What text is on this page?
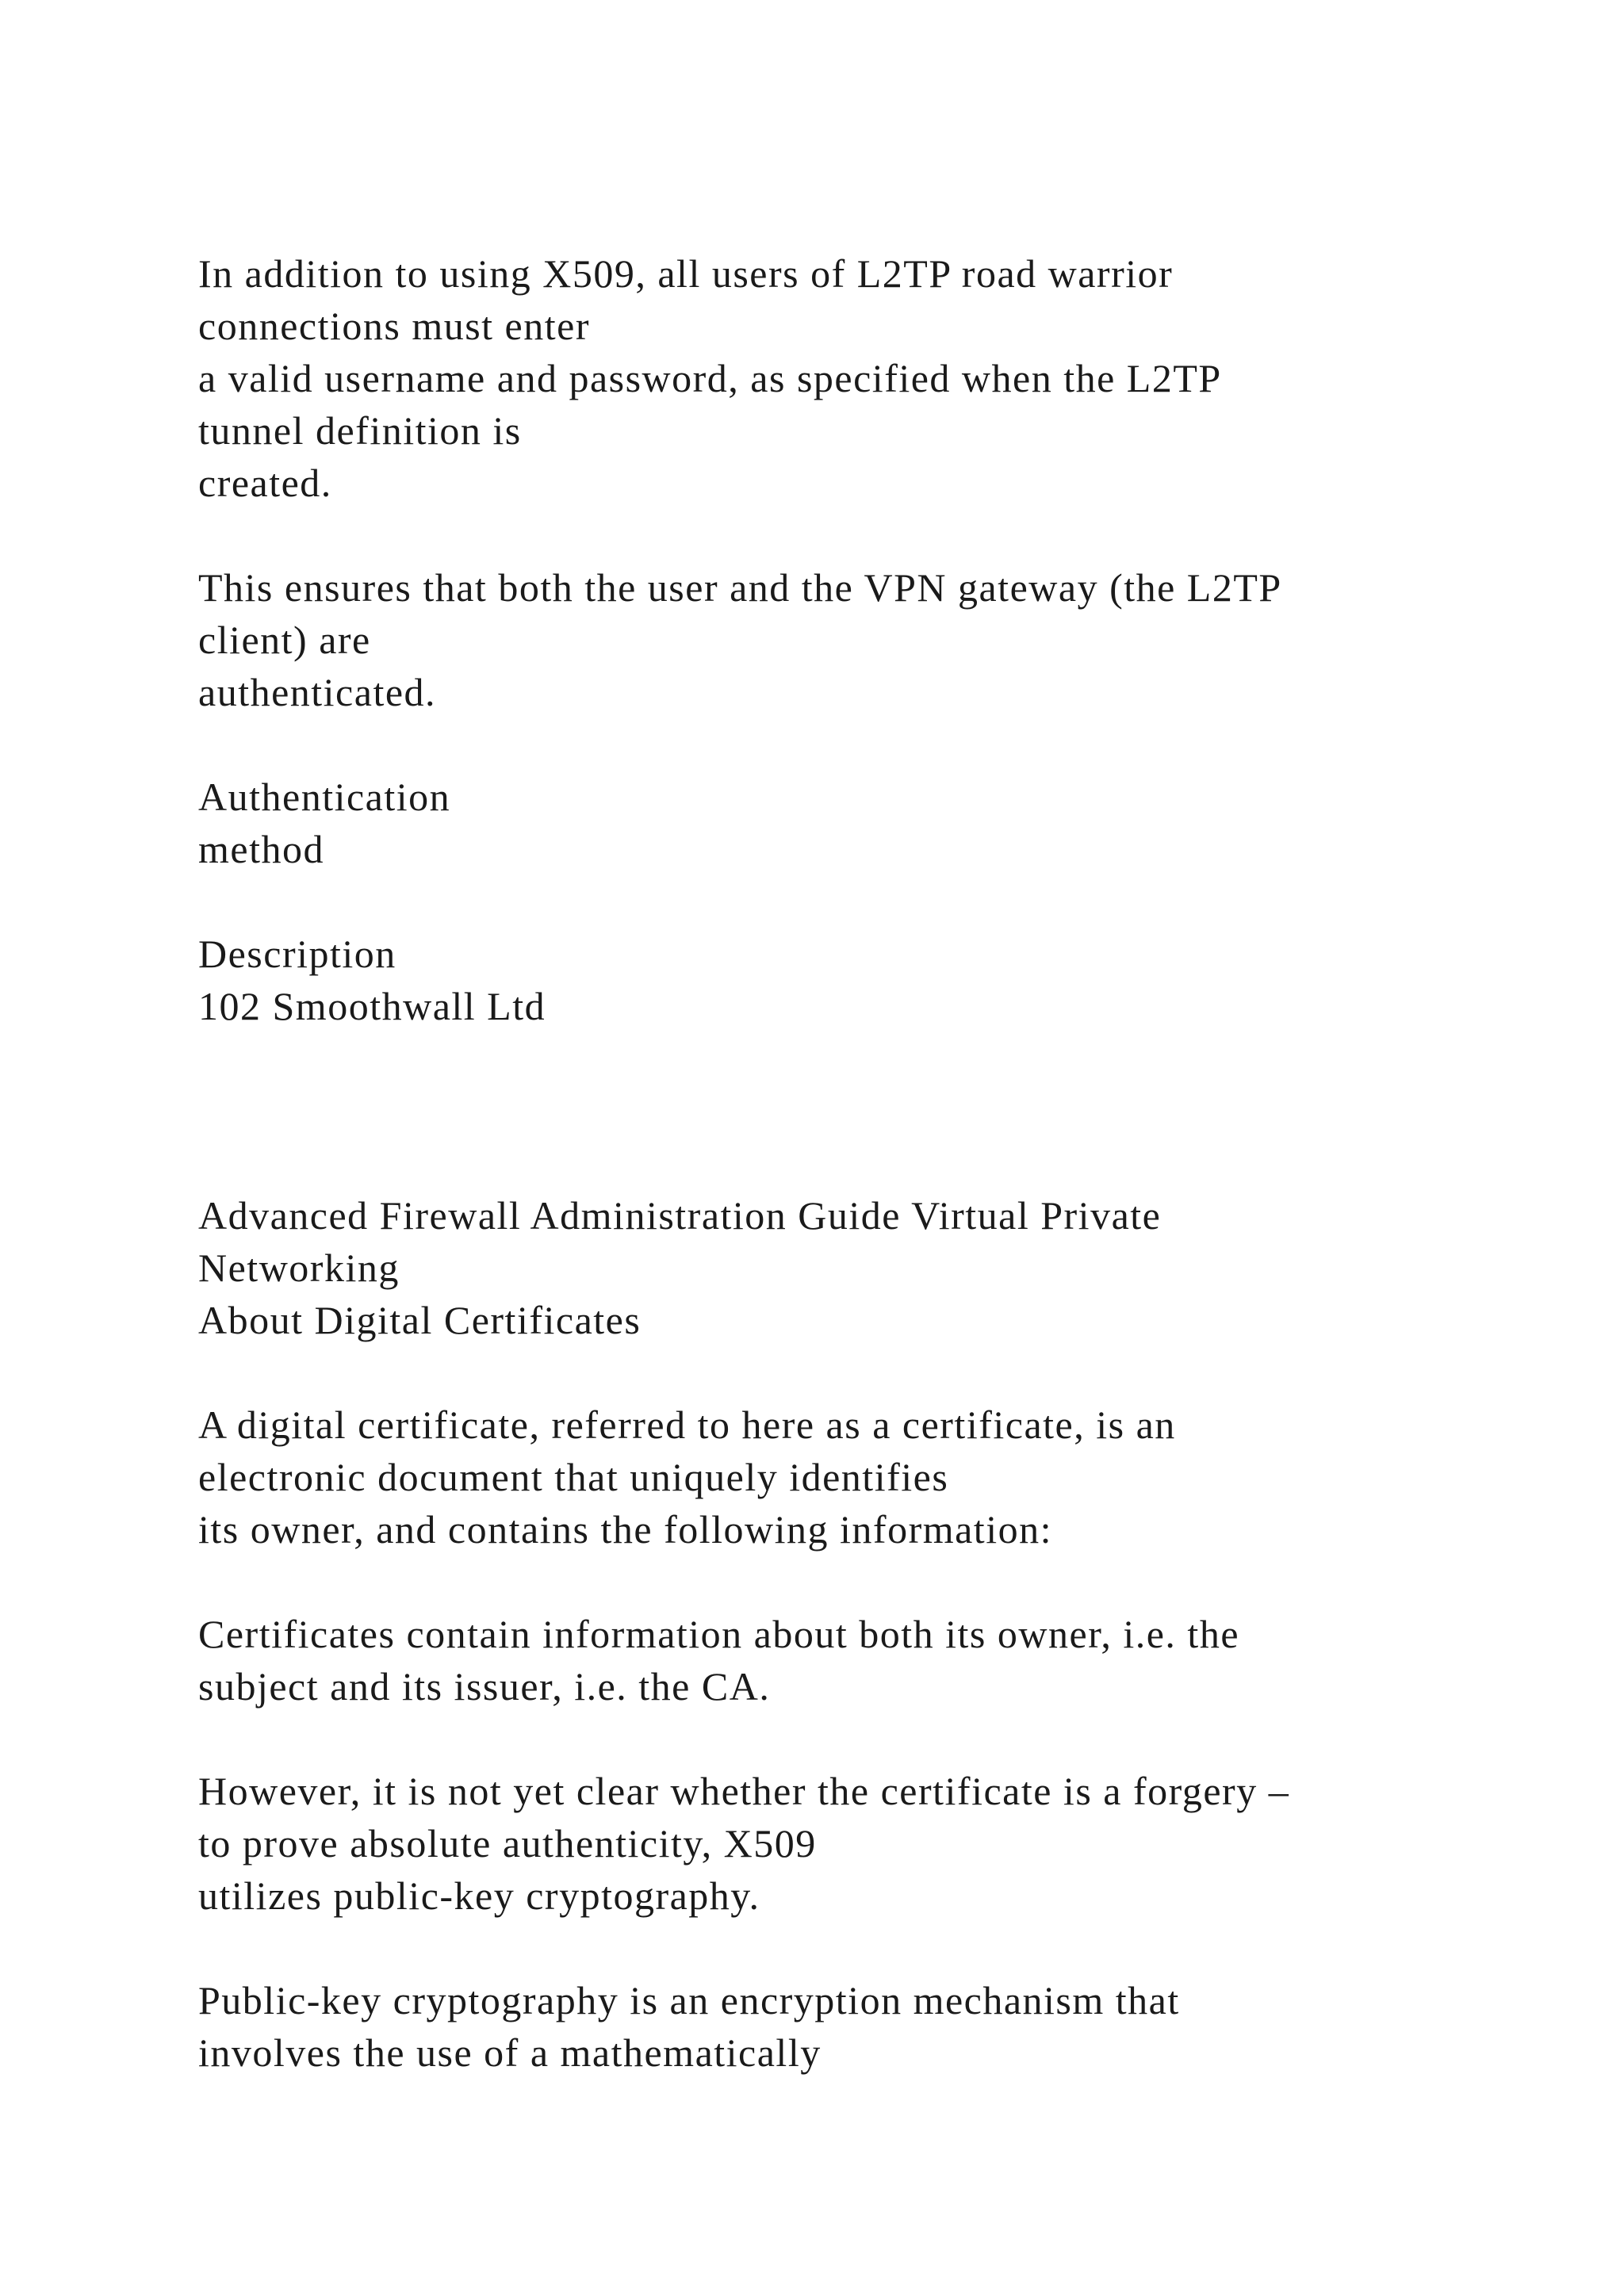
In addition to using X509, all users of L2TP road warrior
connections must enter
a valid username and password, as specified when the L2TP
tunnel definition is
created.
This ensures that both the user and the VPN gateway (the L2TP
client) are
authenticated.
Authentication
method
Description
102 Smoothwall Ltd
Advanced Firewall Administration Guide Virtual Private
Networking
About Digital Certificates
A digital certificate, referred to here as a certificate, is an
electronic document that uniquely identifies
its owner, and contains the following information:
Certificates contain information about both its owner, i.e. the
subject and its issuer, i.e. the CA.
However, it is not yet clear whether the certificate is a forgery –
to prove absolute authenticity, X509
utilizes public-key cryptography.
Public-key cryptography is an encryption mechanism that
involves the use of a mathematically
